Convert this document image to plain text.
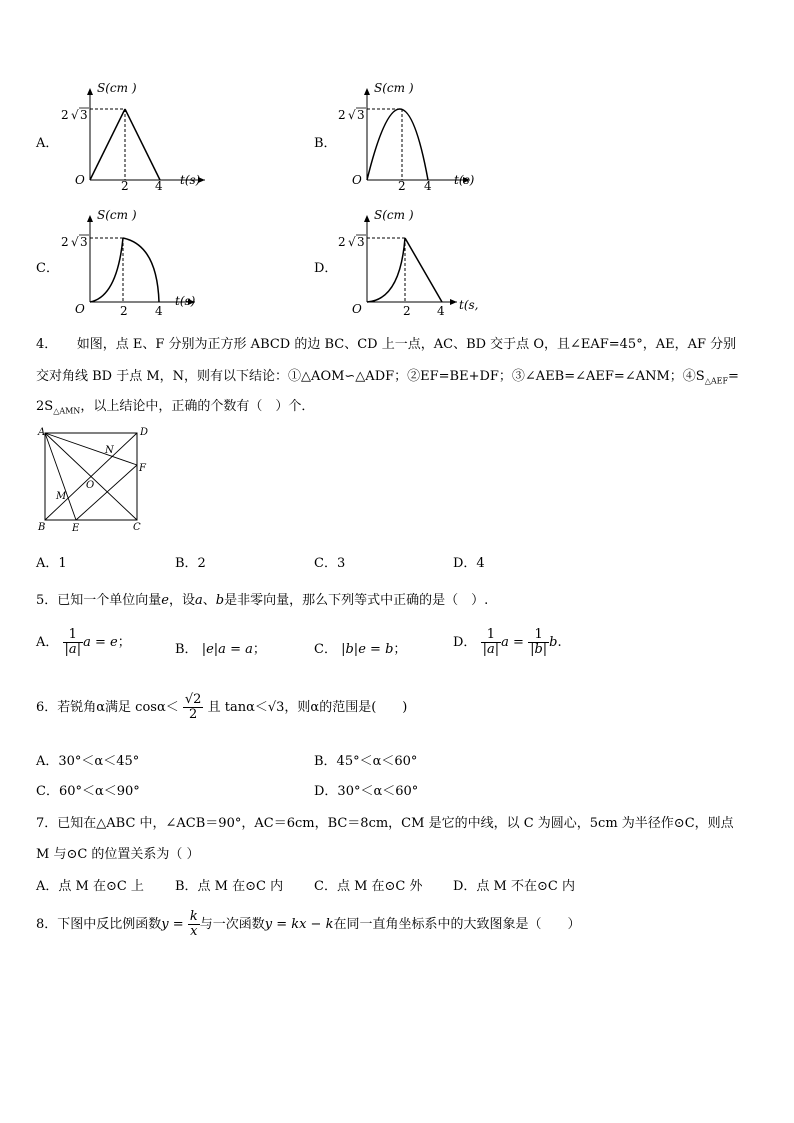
A．
S(cm )
2 √ 3
O	t(s)
2 4
B．
S(cm )
2 √ 3
O	t(s)
2 4
C．
S(cm )
2 √ 3
O
t(s)
2 4
D．
S(cm )
2 √ 3
O	t(s,
2 4
4．　　如图，点 E、F 分别为正方形 ABCD 的边 BC、CD 上一点，AC、BD 交于点 O，且∠EAF=45°，AE，AF 分别
交对角线 BD 于点 M，N，则有以下结论：①△AOM∽△ADF；②EF=BE+DF；③∠AEB=∠AEF=∠ANM；$④S_{\triangle AEF}=$
$2S_{\triangle AMN}$，以上结论中，正确的个数有（　）个．
A	D
B	C
E
F
M
N
O
A．1	B．2	C．3	D．4
5．已知一个单位向量e，设a、b是非零向量，那么下列等式中正确的是（　）.
A． $\frac{1}{|a|}$ a = e；	B． |e|a = a；	C． |b|e = b；	D． $\frac{1}{|a|}$ $a = \frac{1}{|b|} b$.
6．若锐角α满足 $\cos\alpha< \frac{√2}{2}$ 且 tanα＜√3，则α的范围是(　　)
A．30°＜α＜45°	B．45°＜α＜60°
C．60°＜α＜90°	D．30°＜α＜60°
7．已知在△ABC 中，∠ACB＝90°，AC＝6cm，BC＝8cm，CM 是它的中线，以 C 为圆心，5cm 为半径作⊙C，则点
M 与⊙C 的位置关系为（ ）
A．点 M 在⊙C 上 B．点 M 在⊙C 内 C．点 M 在⊙C 外 D．点 M 不在⊙C 内
8．下图中反比例函数$y = \frac{k}{x}$ 与一次函数y = kx − k在同一直角坐标系中的大致图象是（　　）
